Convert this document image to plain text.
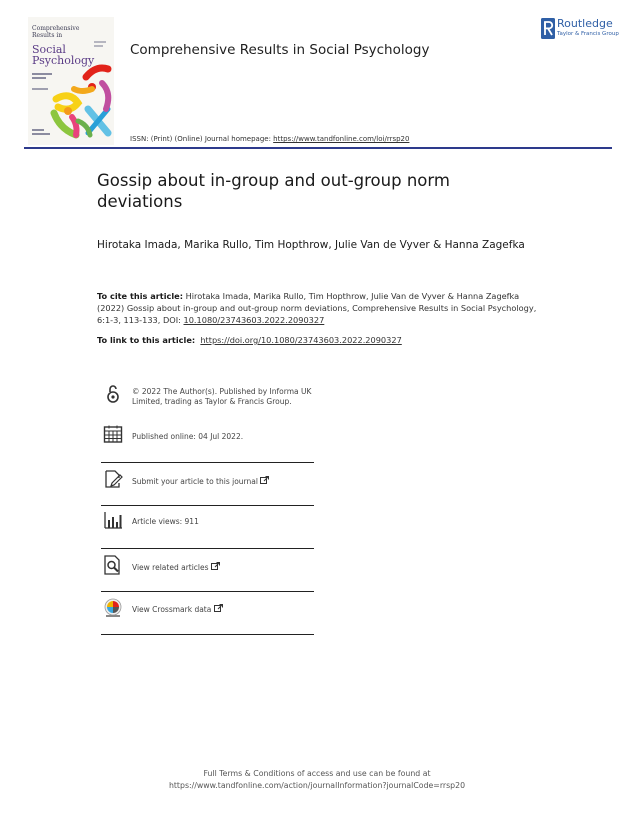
Comprehensive
Results in
Social
Psychology
Comprehensive Results in Social Psychology
Routledge
Taylor & Francis Group
ISSN: (Print) (Online) Journal homepage: https://www.tandfonline.com/loi/rrsp20
Gossip about in-group and out-group norm deviations
Hirotaka Imada, Marika Rullo, Tim Hopthrow, Julie Van de Vyver & Hanna Zagefka
To cite this article: Hirotaka Imada, Marika Rullo, Tim Hopthrow, Julie Van de Vyver & Hanna Zagefka (2022) Gossip about in-group and out-group norm deviations, Comprehensive Results in Social Psychology, 6:1-3, 113-133, DOI: 10.1080/23743603.2022.2090327
To link to this article: https://doi.org/10.1080/23743603.2022.2090327
© 2022 The Author(s). Published by Informa UK Limited, trading as Taylor & Francis Group.
Published online: 04 Jul 2022.
Submit your article to this journal
Article views: 911
View related articles
View Crossmark data
Full Terms & Conditions of access and use can be found at
https://www.tandfonline.com/action/journalInformation?journalCode=rrsp20
